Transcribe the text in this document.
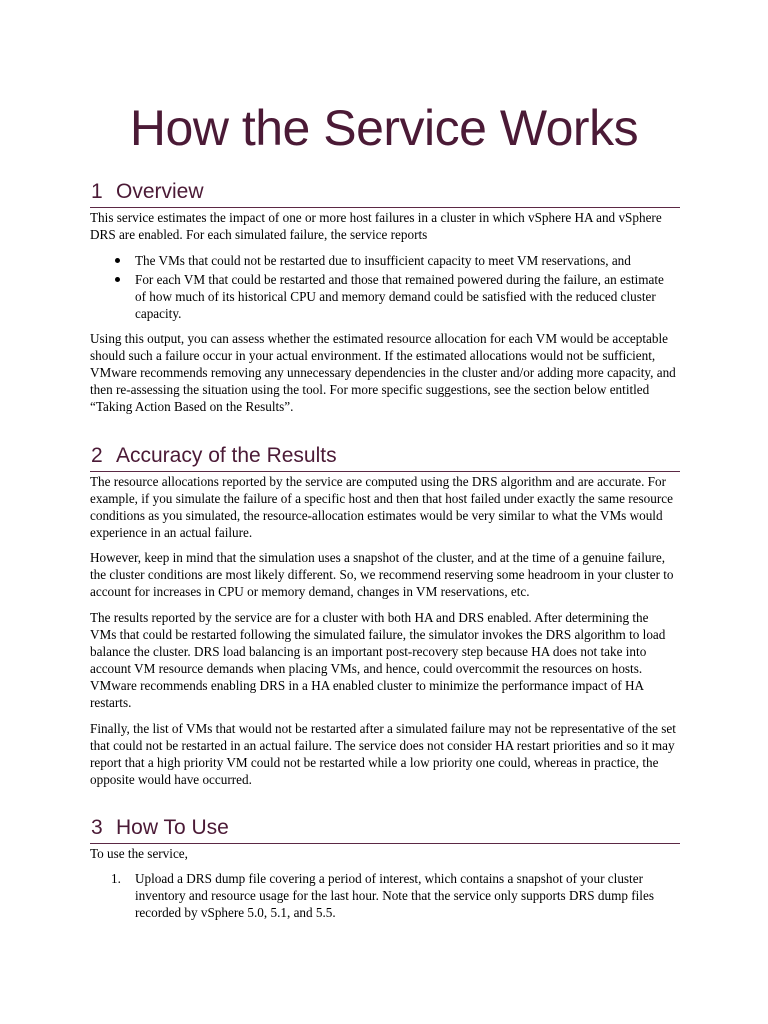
How the Service Works
1 Overview
This service estimates the impact of one or more host failures in a cluster in which vSphere HA and vSphere
DRS are enabled. For each simulated failure, the service reports
The VMs that could not be restarted due to insufficient capacity to meet VM reservations, and
For each VM that could be restarted and those that remained powered during the failure, an estimate
of how much of its historical CPU and memory demand could be satisfied with the reduced cluster
capacity.
Using this output, you can assess whether the estimated resource allocation for each VM would be acceptable
should such a failure occur in your actual environment. If the estimated allocations would not be sufficient,
VMware recommends removing any unnecessary dependencies in the cluster and/or adding more capacity, and
then re-assessing the situation using the tool. For more specific suggestions, see the section below entitled
“Taking Action Based on the Results”.
2 Accuracy of the Results
The resource allocations reported by the service are computed using the DRS algorithm and are accurate. For
example, if you simulate the failure of a specific host and then that host failed under exactly the same resource
conditions as you simulated, the resource-allocation estimates would be very similar to what the VMs would
experience in an actual failure.
However, keep in mind that the simulation uses a snapshot of the cluster, and at the time of a genuine failure,
the cluster conditions are most likely different. So, we recommend reserving some headroom in your cluster to
account for increases in CPU or memory demand, changes in VM reservations, etc.
The results reported by the service are for a cluster with both HA and DRS enabled. After determining the
VMs that could be restarted following the simulated failure, the simulator invokes the DRS algorithm to load
balance the cluster. DRS load balancing is an important post-recovery step because HA does not take into
account VM resource demands when placing VMs, and hence, could overcommit the resources on hosts.
VMware recommends enabling DRS in a HA enabled cluster to minimize the performance impact of HA
restarts.
Finally, the list of VMs that would not be restarted after a simulated failure may not be representative of the set
that could not be restarted in an actual failure. The service does not consider HA restart priorities and so it may
report that a high priority VM could not be restarted while a low priority one could, whereas in practice, the
opposite would have occurred.
3 How To Use
To use the service,
1. Upload a DRS dump file covering a period of interest, which contains a snapshot of your cluster
inventory and resource usage for the last hour. Note that the service only supports DRS dump files
recorded by vSphere 5.0, 5.1, and 5.5.
